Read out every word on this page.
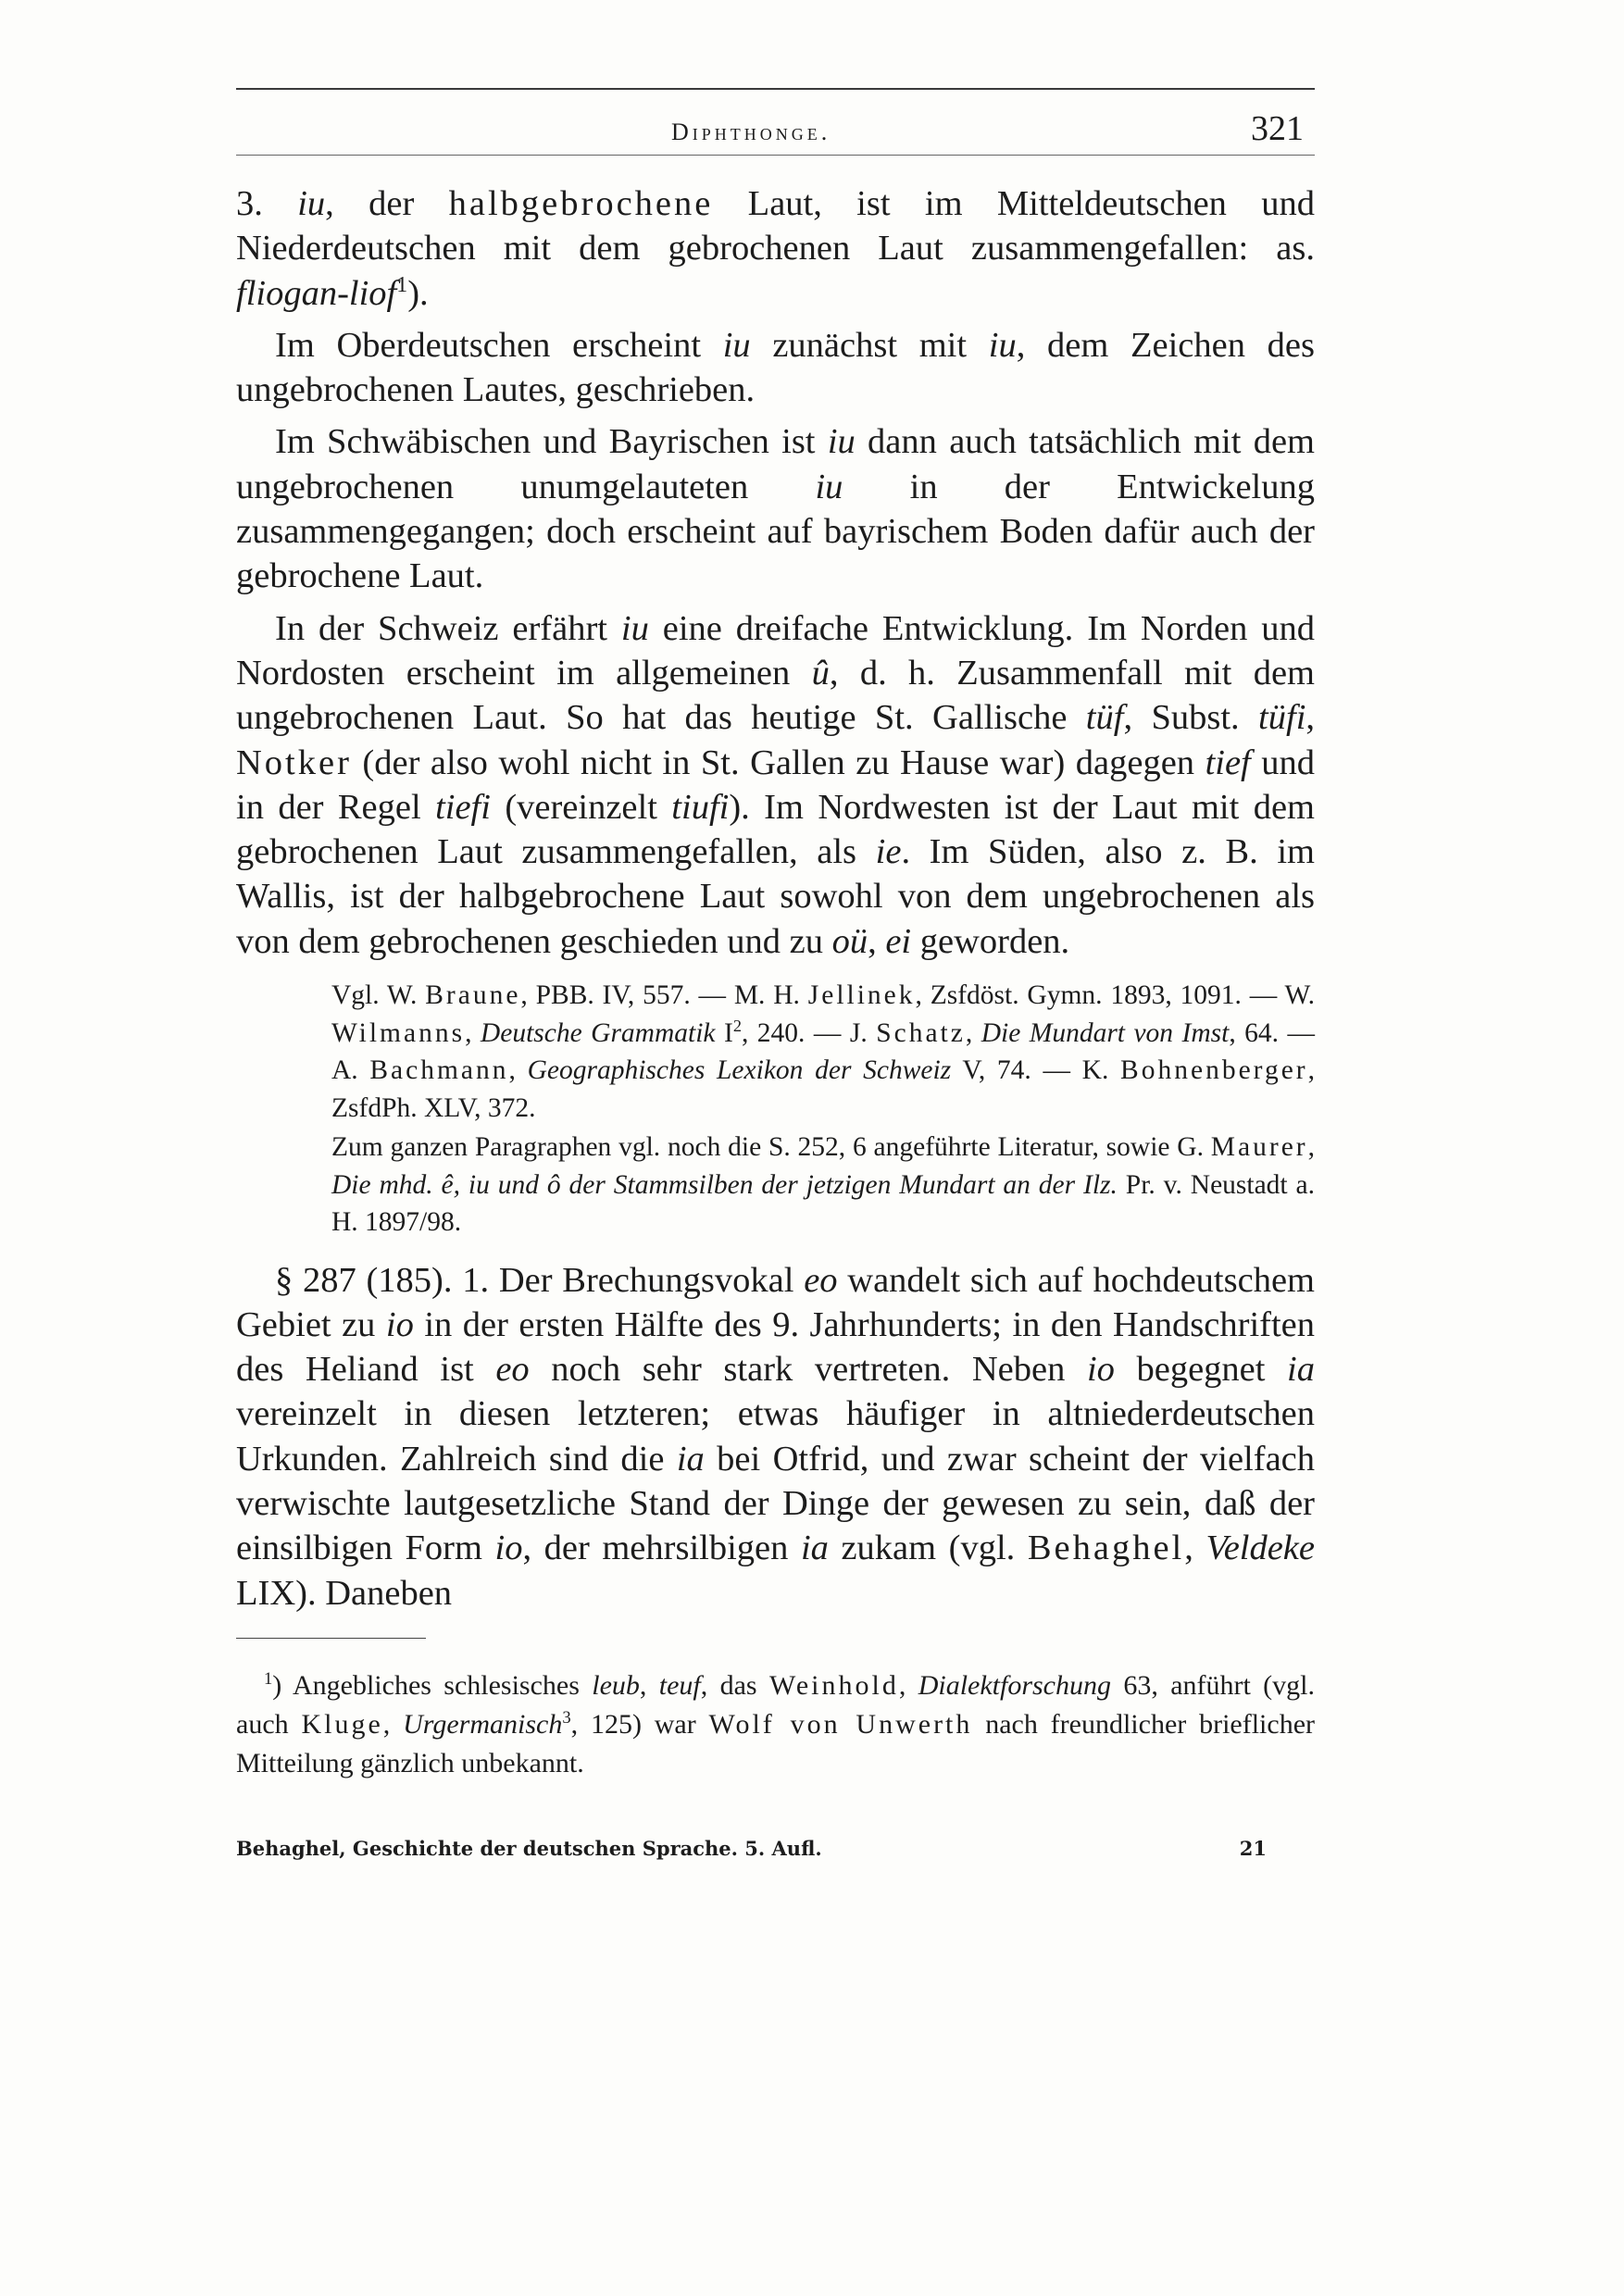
Diphthonge.	321

3. iu, der halbgebrochene Laut, ist im Mitteldeutschen und Niederdeutschen mit dem gebrochenen Laut zusammengefallen: as. fliogan-liof$^1$).

Im Oberdeutschen erscheint iu zunächst mit iu, dem Zeichen des ungebrochenen Lautes, geschrieben.

Im Schwäbischen und Bayrischen ist iu dann auch tatsächlich mit dem ungebrochenen unumgelauteten iu in der Entwickelung zusammengegangen; doch erscheint auf bayrischem Boden dafür auch der gebrochene Laut.

In der Schweiz erfährt iu eine dreifache Entwicklung. Im Norden und Nordosten erscheint im allgemeinen û, d. h. Zusammenfall mit dem ungebrochenen Laut. So hat das heutige St. Gallische tüf, Subst. tüfi, Notker (der also wohl nicht in St. Gallen zu Hause war) dagegen tief und in der Regel tiefi (vereinzelt tiufi). Im Nordwesten ist der Laut mit dem gebrochenen Laut zusammengefallen, als ie. Im Süden, also z. B. im Wallis, ist der halbgebrochene Laut sowohl von dem ungebrochenen als von dem gebrochenen geschieden und zu oü, ei geworden.

Vgl. W. Braune, PBB. IV, 557. — M. H. Jellinek, Zsfdöst. Gymn. 1893, 1091. — W. Wilmanns, Deutsche Grammatik $I^2$, 240. — J. Schatz, Die Mundart von Imst, 64. — A. Bachmann, Geographisches Lexikon der Schweiz V, 74. — K. Bohnenberger, ZsfdPh. XLV, 372.

Zum ganzen Paragraphen vgl. noch die S. 252, 6 angeführte Literatur, sowie G. Maurer, Die mhd. ê, iu und ô der Stammsilben der jetzigen Mundart an der Ilz. Pr. v. Neustadt a. H. 1897/98.

§ 287 (185). 1. Der Brechungsvokal eo wandelt sich auf hochdeutschem Gebiet zu io in der ersten Hälfte des 9. Jahrhunderts; in den Handschriften des Heliand ist eo noch sehr stark vertreten. Neben io begegnet ia vereinzelt in diesen letzteren; etwas häufiger in altniederdeutschen Urkunden. Zahlreich sind die ia bei Otfrid, und zwar scheint der vielfach verwischte lautgesetzliche Stand der Dinge der gewesen zu sein, daß der einsilbigen Form io, der mehrsilbigen ia zukam (vgl. Behaghel, Veldeke LIX). Daneben

$^1$) Angebliches schlesisches leub, teuf, das Weinhold, Dialektforschung 63, anführt (vgl. auch Kluge, Urgermanisch$^3$, 125) war Wolf von Unwerth nach freundlicher brieflicher Mitteilung gänzlich unbekannt.

Behaghel, Geschichte der deutschen Sprache. 5. Aufl.	21
